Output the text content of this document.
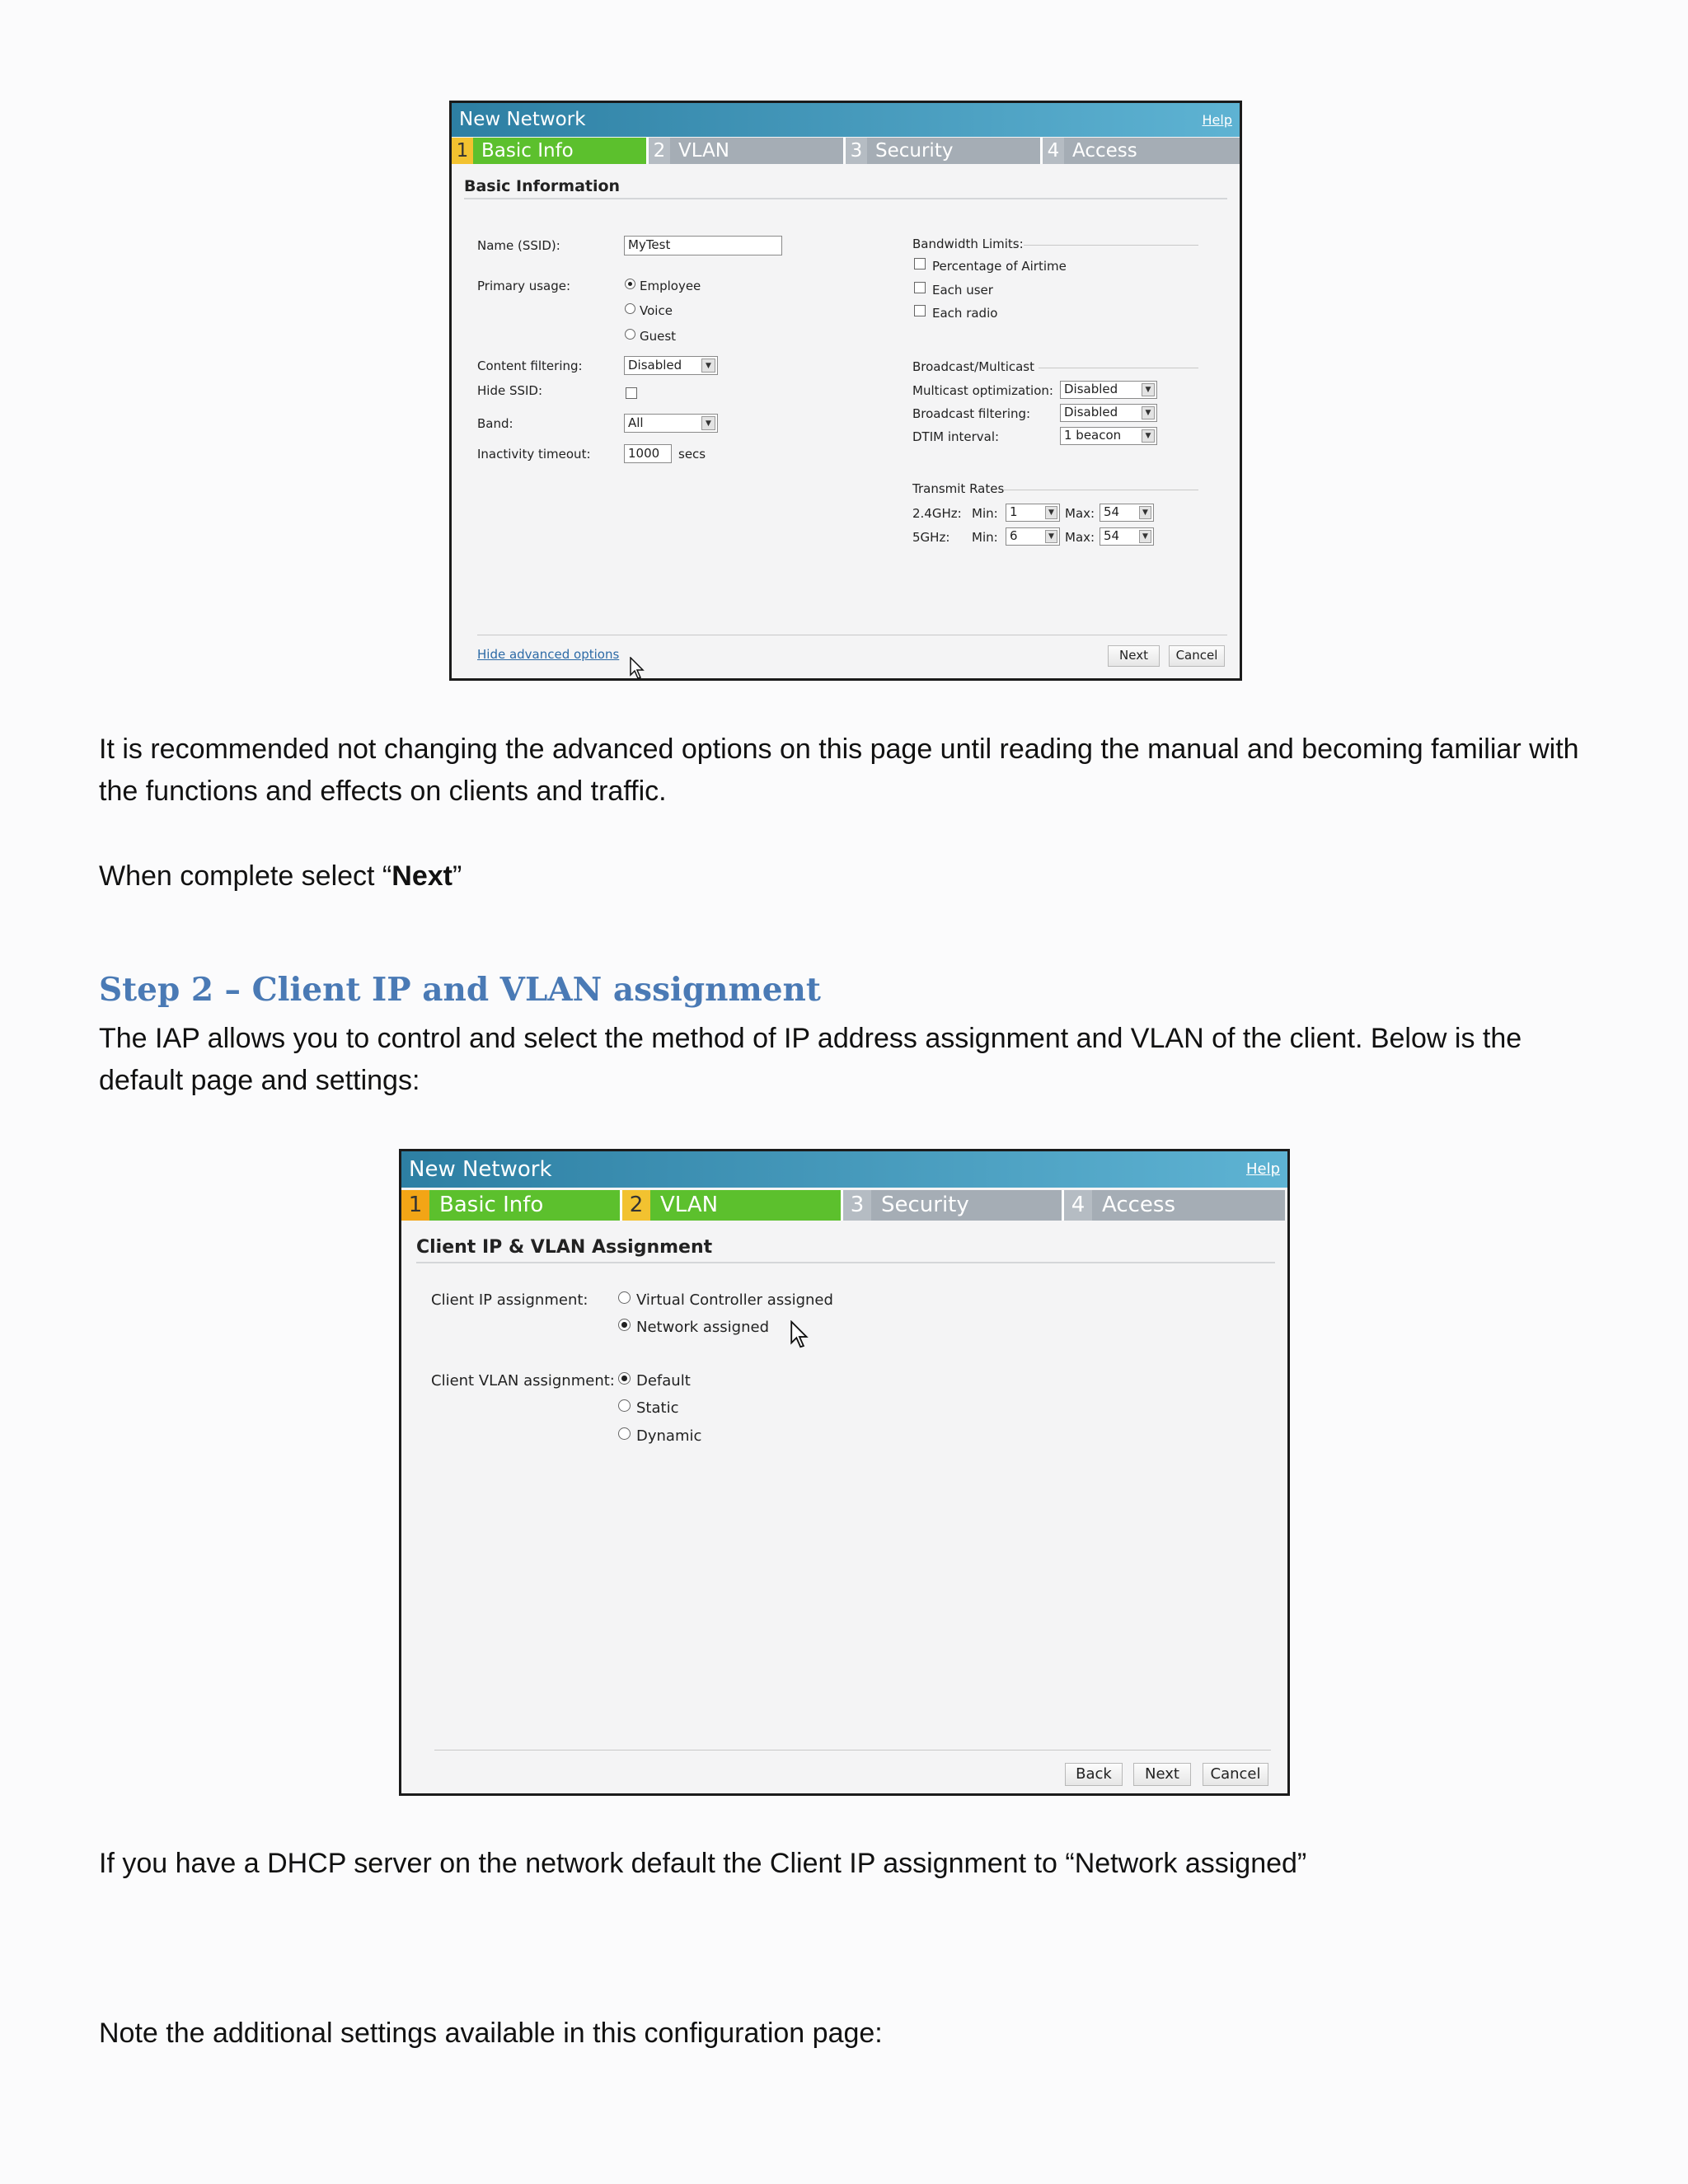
New Network	Help
1 Basic Info	2 VLAN	3 Security	4 Access
Basic Information
Name (SSID):	MyTest
Primary usage:	Employee
Voice
Guest
Content filtering:	Disabled	▼
Hide SSID:
Band:	All	▼
Inactivity timeout:	1000	secs
Bandwidth Limits:
Percentage of Airtime
Each user
Each radio
Broadcast/Multicast
Multicast optimization: Disabled	▼
Broadcast filtering:	Disabled	▼
DTIM interval:	1 beacon	▼
Transmit Rates
2.4GHz: Min: 1	▼ Max: 54	▼
5GHz: Min: 6	▼ Max: 54	▼
Hide advanced options	Next	Cancel
It is recommended not changing the advanced options on this page until reading the manual and becoming familiar with the functions and effects on clients and traffic.
When complete select “Next”
Step 2 – Client IP and VLAN assignment
The IAP allows you to control and select the method of IP address assignment and VLAN of the client. Below is the default page and settings:
New Network	Help
1 Basic Info	2 VLAN	3 Security	4 Access
Client IP & VLAN Assignment
Client IP assignment:	Virtual Controller assigned
Network assigned
Client VLAN assignment: Default
Static
Dynamic
Back	Next	Cancel
If you have a DHCP server on the network default the Client IP assignment to “Network assigned”
Note the additional settings available in this configuration page:
